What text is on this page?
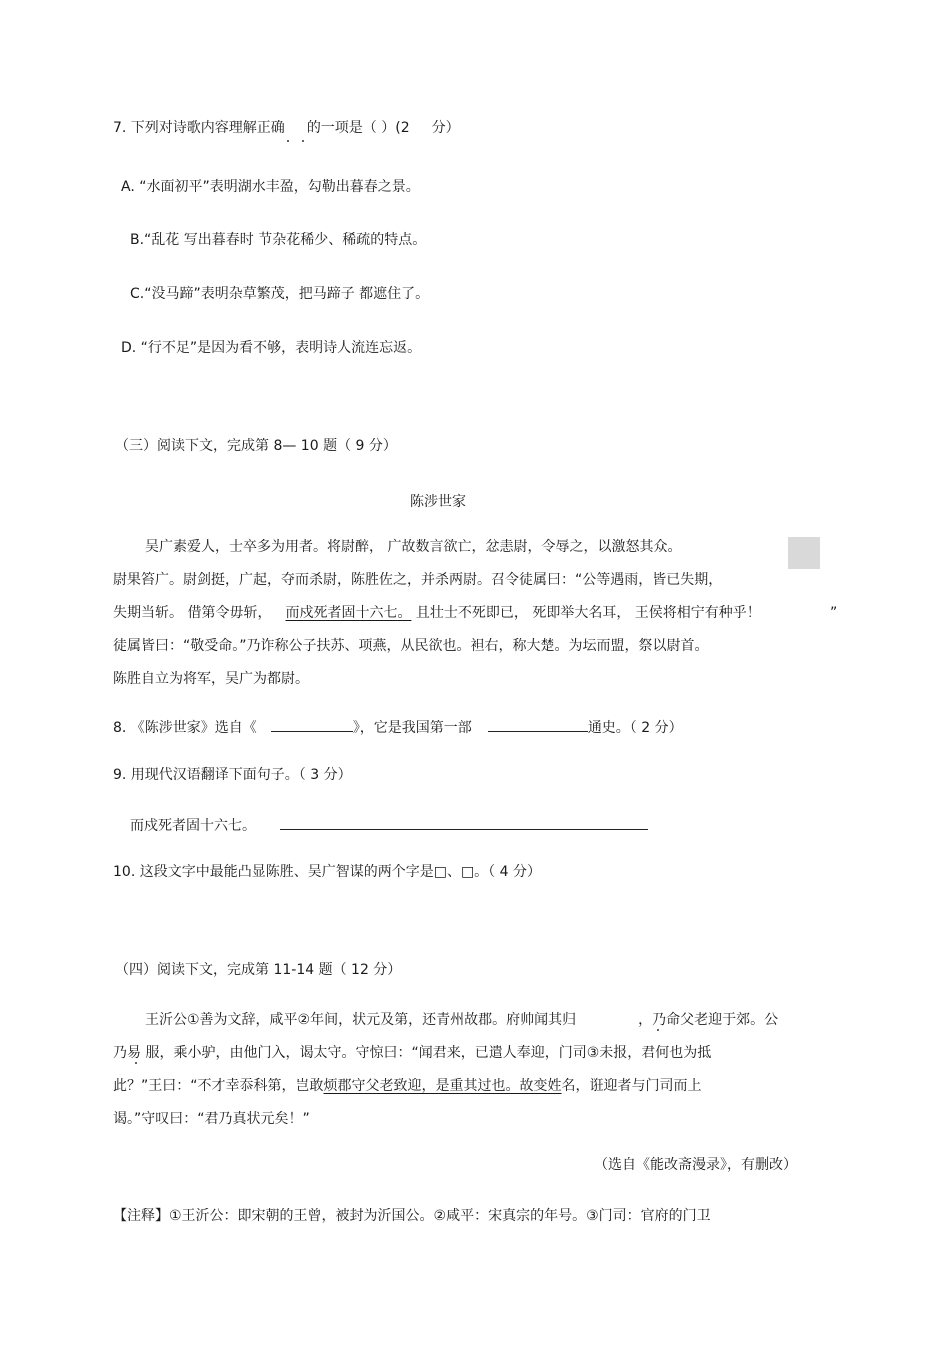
7. 下列对诗歌内容理解正确 的一项是（ ）(2 分）
A. “水面初平”表明湖水丰盈，勾勒出暮春之景。
B.“乱花 写出暮春时 节杂花稀少、稀疏的特点。
C.“没马蹄”表明杂草繁茂，把马蹄子 都遮住了。
D. “行不足”是因为看不够，表明诗人流连忘返。
（三）阅读下文，完成第 8— 10 题（ 9 分）
陈涉世家
吴广素爱人，士卒多为用者。将尉醉， 广故数言欲亡，忿恚尉，令辱之，以激怒其众。
尉果笞广。尉剑挺，广起，夺而杀尉，陈胜佐之，并杀两尉。召令徒属曰：“公等遇雨，皆已失期，
失期当斩。 借第令毋斩， 而戍死者固十六七。 且壮士不死即已， 死即举大名耳， 王侯将相宁有种乎！	”
徒属皆曰：“敬受命。”乃诈称公子扶苏、项燕，从民欲也。袒右，称大楚。为坛而盟，祭以尉首。
陈胜自立为将军，吴广为都尉。
8. 《陈涉世家》选自《	》，它是我国第一部	通史。（ 2 分）
9. 用现代汉语翻译下面句子。（ 3 分）
而戍死者固十六七。
10. 这段文字中最能凸显陈胜、吴广智谋的两个字是□、□。（ 4 分）
（四）阅读下文，完成第 11-14 题（ 12 分）
王沂公①善为文辞，咸平②年间，状元及第，还青州故郡。府帅闻其归	，乃命父老迎于郊。公
乃易 服，乘小驴，由他门入，谒太守。守惊曰：“闻君来，已遣人奉迎，门司③未报，君何也为抵
此？”王曰：“不才幸忝科第，岂敢烦郡守父老致迎，是重其过也。故变姓名，诳迎者与门司而上
谒。”守叹曰：“君乃真状元矣！”
（选自《能改斋漫录》，有删改）
【注释】①王沂公：即宋朝的王曾，被封为沂国公。②咸平：宋真宗的年号。③门司：官府的门卫
